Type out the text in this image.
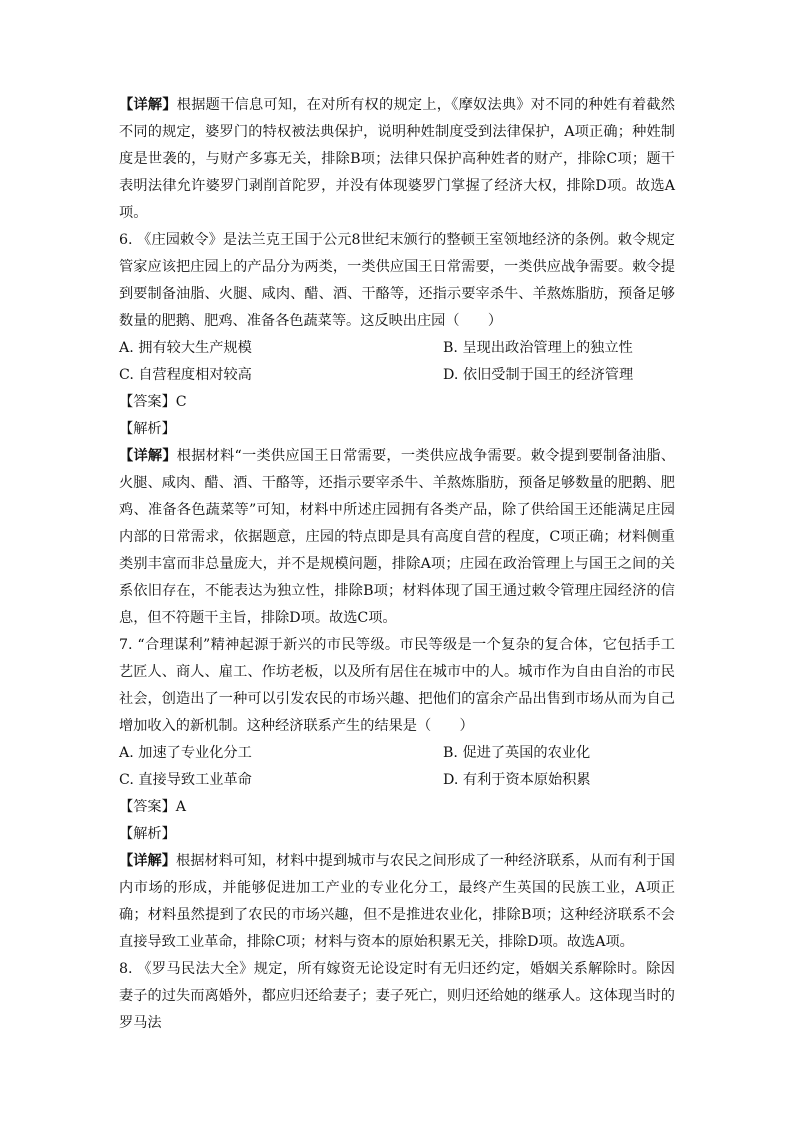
【详解】根据题干信息可知，在对所有权的规定上，《摩奴法典》对不同的种姓有着截然不同的规定，婆罗门的特权被法典保护，说明种姓制度受到法律保护，A项正确；种姓制度是世袭的，与财产多寡无关，排除B项；法律只保护高种姓者的财产，排除C项；题干表明法律允许婆罗门剥削首陀罗，并没有体现婆罗门掌握了经济大权，排除D项。故选A项。

6. 《庄园敕令》是法兰克王国于公元8世纪末颁行的整顿王室领地经济的条例。敕令规定管家应该把庄园上的产品分为两类，一类供应国王日常需要，一类供应战争需要。敕令提到要制备油脂、火腿、咸肉、醋、酒、干酪等，还指示要宰杀牛、羊熬炼脂肪，预备足够数量的肥鹅、肥鸡、准备各色蔬菜等。这反映出庄园（　　）

A. 拥有较大生产规模	B. 呈现出政治管理上的独立性
C. 自营程度相对较高	D. 依旧受制于国王的经济管理

【答案】C

【解析】

【详解】根据材料“一类供应国王日常需要，一类供应战争需要。敕令提到要制备油脂、火腿、咸肉、醋、酒、干酪等，还指示要宰杀牛、羊熬炼脂肪，预备足够数量的肥鹅、肥鸡、准备各色蔬菜等”可知，材料中所述庄园拥有各类产品，除了供给国王还能满足庄园内部的日常需求，依据题意，庄园的特点即是具有高度自营的程度，C项正确；材料侧重类别丰富而非总量庞大，并不是规模问题，排除A项；庄园在政治管理上与国王之间的关系依旧存在，不能表达为独立性，排除B项；材料体现了国王通过敕令管理庄园经济的信息，但不符题干主旨，排除D项。故选C项。

7. “合理谋利”精神起源于新兴的市民等级。市民等级是一个复杂的复合体，它包括手工艺匠人、商人、雇工、作坊老板，以及所有居住在城市中的人。城市作为自由自治的市民社会，创造出了一种可以引发农民的市场兴趣、把他们的富余产品出售到市场从而为自己增加收入的新机制。这种经济联系产生的结果是（　　）

A. 加速了专业化分工	B. 促进了英国的农业化
C. 直接导致工业革命	D. 有利于资本原始积累

【答案】A

【解析】

【详解】根据材料可知，材料中提到城市与农民之间形成了一种经济联系，从而有利于国内市场的形成，并能够促进加工产业的专业化分工，最终产生英国的民族工业，A项正确；材料虽然提到了农民的市场兴趣，但不是推进农业化，排除B项；这种经济联系不会直接导致工业革命，排除C项；材料与资本的原始积累无关，排除D项。故选A项。

8. 《罗马民法大全》规定，所有嫁资无论设定时有无归还约定，婚姻关系解除时。除因妻子的过失而离婚外，都应归还给妻子；妻子死亡，则归还给她的继承人。这体现当时的罗马法
